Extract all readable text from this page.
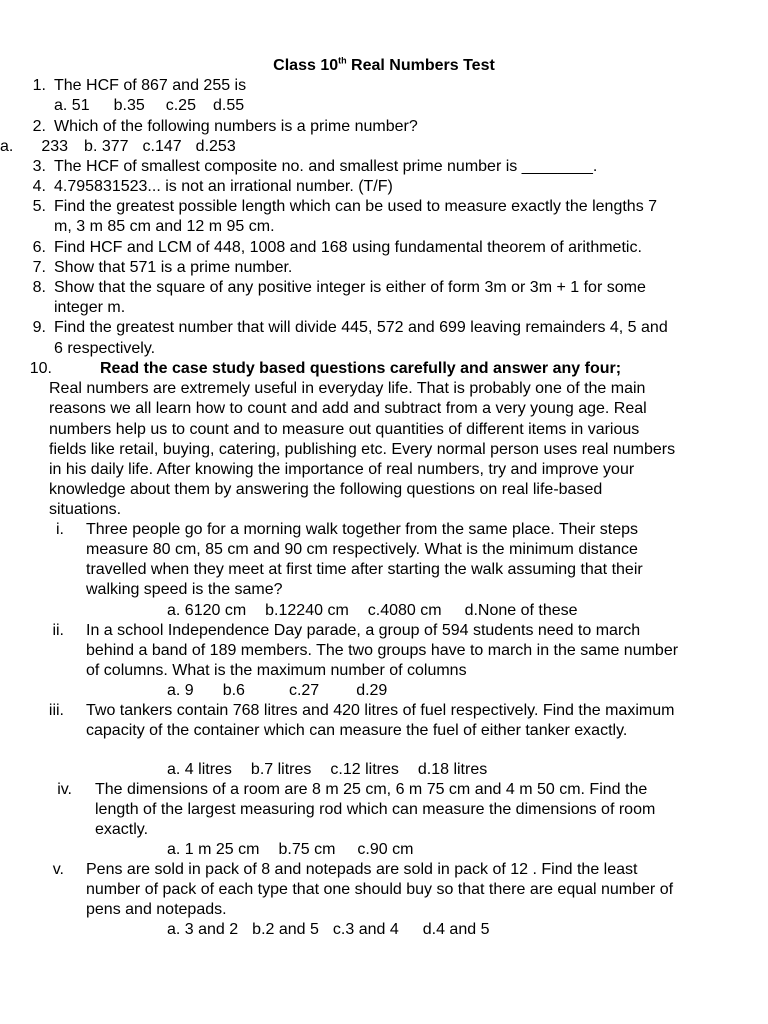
Class 10th Real Numbers Test
1. The HCF of 867 and 255 is
a. 51 b.35 c.25 d.55
2. Which of the following numbers is a prime number?
a. 233 b. 377 c.147 d.253
3. The HCF of smallest composite no. and smallest prime number is ________.
4. 4.795831523... is not an irrational number. (T/F)
5. Find the greatest possible length which can be used to measure exactly the lengths 7
m, 3 m 85 cm and 12 m 95 cm.
6. Find HCF and LCM of 448, 1008 and 168 using fundamental theorem of arithmetic.
7. Show that 571 is a prime number.
8. Show that the square of any positive integer is either of form 3m or 3m + 1 for some
integer m.
9. Find the greatest number that will divide 445, 572 and 699 leaving remainders 4, 5 and
6 respectively.
10.	Read the case study based questions carefully and answer any four;
Real numbers are extremely useful in everyday life. That is probably one of the main
reasons we all learn how to count and add and subtract from a very young age. Real
numbers help us to count and to measure out quantities of different items in various
fields like retail, buying, catering, publishing etc. Every normal person uses real numbers
in his daily life. After knowing the importance of real numbers, try and improve your
knowledge about them by answering the following questions on real life-based
situations.
i. Three people go for a morning walk together from the same place. Their steps
measure 80 cm, 85 cm and 90 cm respectively. What is the minimum distance
travelled when they meet at first time after starting the walk assuming that their
walking speed is the same?
a. 6120 cm b.12240 cm c.4080 cm d.None of these
ii. In a school Independence Day parade, a group of 594 students need to march
behind a band of 189 members. The two groups have to march in the same number
of columns. What is the maximum number of columns
a. 9 b.6	c.27 d.29
iii. Two tankers contain 768 litres and 420 litres of fuel respectively. Find the maximum
capacity of the container which can measure the fuel of either tanker exactly.
a. 4 litres b.7 litres c.12 litres d.18 litres
iv. The dimensions of a room are 8 m 25 cm, 6 m 75 cm and 4 m 50 cm. Find the
length of the largest measuring rod which can measure the dimensions of room
exactly.
a. 1 m 25 cm b.75 cm c.90 cm
v. Pens are sold in pack of 8 and notepads are sold in pack of 12 . Find the least
number of pack of each type that one should buy so that there are equal number of
pens and notepads.
a. 3 and 2 b.2 and 5 c.3 and 4 d.4 and 5
